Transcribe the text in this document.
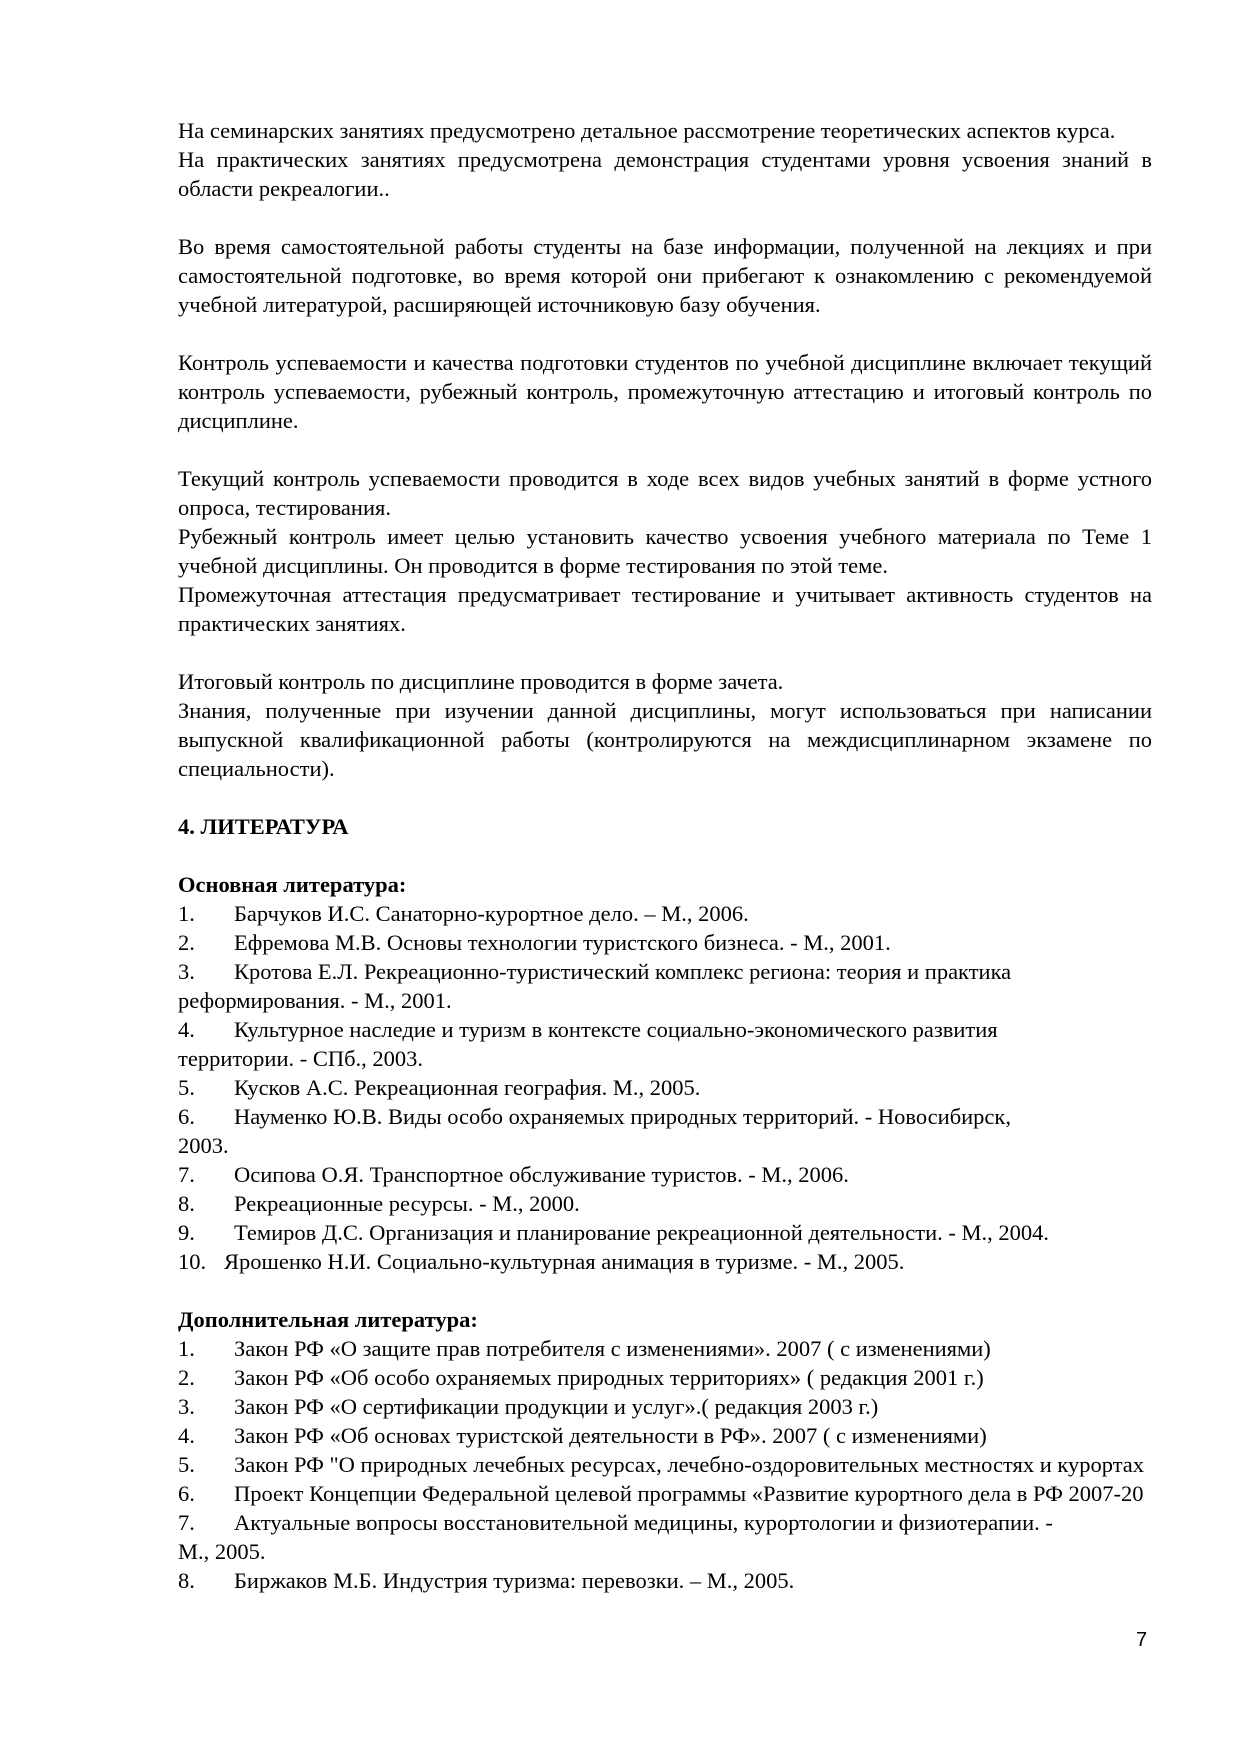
На семинарских занятиях предусмотрено детальное рассмотрение теоретических аспектов курса.

На практических занятиях предусмотрена демонстрация студентами уровня усвоения знаний в области рекреалогии..

Во время самостоятельной работы студенты на базе информации, полученной на лекциях и при самостоятельной подготовке, во время которой они прибегают к ознакомлению с рекомендуемой учебной литературой, расширяющей источниковую базу обучения.

Контроль успеваемости и качества подготовки студентов по учебной дисциплине включает текущий контроль успеваемости, рубежный контроль, промежуточную аттестацию и итоговый контроль по дисциплине.

Текущий контроль успеваемости проводится в ходе всех видов учебных занятий в форме устного опроса, тестирования.

Рубежный контроль имеет целью установить качество усвоения учебного материала по Теме 1 учебной дисциплины. Он проводится в форме тестирования по этой теме.

Промежуточная аттестация предусматривает тестирование и учитывает активность студентов на практических занятиях.

Итоговый контроль по дисциплине проводится в форме зачета.

Знания, полученные при изучении данной дисциплины, могут использоваться при написании выпускной квалификационной работы (контролируются на междисциплинарном экзамене по специальности).

4. ЛИТЕРАТУРА

Основная литература:

1. Барчуков И.С. Санаторно-курортное дело. – М., 2006.
2. Ефремова М.В. Основы технологии туристского бизнеса. - М., 2001.
3. Кротова Е.Л. Рекреационно-туристический комплекс региона: теория и практика
реформирования. - М., 2001.
4. Культурное наследие и туризм в контексте социально-экономического развития
территории. - СПб., 2003.
5. Кусков А.С. Рекреационная география. М., 2005.
6. Науменко Ю.В. Виды особо охраняемых природных территорий. - Новосибирск,
2003.
7. Осипова О.Я. Транспортное обслуживание туристов. - М., 2006.
8. Рекреационные ресурсы. - М., 2000.
9. Темиров Д.С. Организация и планирование рекреационной деятельности. - М., 2004.
10. Ярошенко Н.И. Социально-культурная анимация в туризме. - М., 2005.

Дополнительная литература:

1. Закон РФ «О защите прав потребителя с изменениями». 2007 ( с изменениями)
2. Закон РФ «Об особо охраняемых природных территориях» ( редакция 2001 г.)
3. Закон РФ «О сертификации продукции и услуг».( редакция 2003 г.)
4. Закон РФ «Об основах туристской деятельности в РФ». 2007 ( с изменениями)
5. Закон РФ "О природных лечебных ресурсах, лечебно-оздоровительных местностях и курортах
6. Проект Концепции Федеральной целевой программы «Развитие курортного дела в РФ 2007-20
7. Актуальные вопросы восстановительной медицины, курортологии и физиотерапии. -
М., 2005.
8. Биржаков М.Б. Индустрия туризма: перевозки. – М., 2005.
7
